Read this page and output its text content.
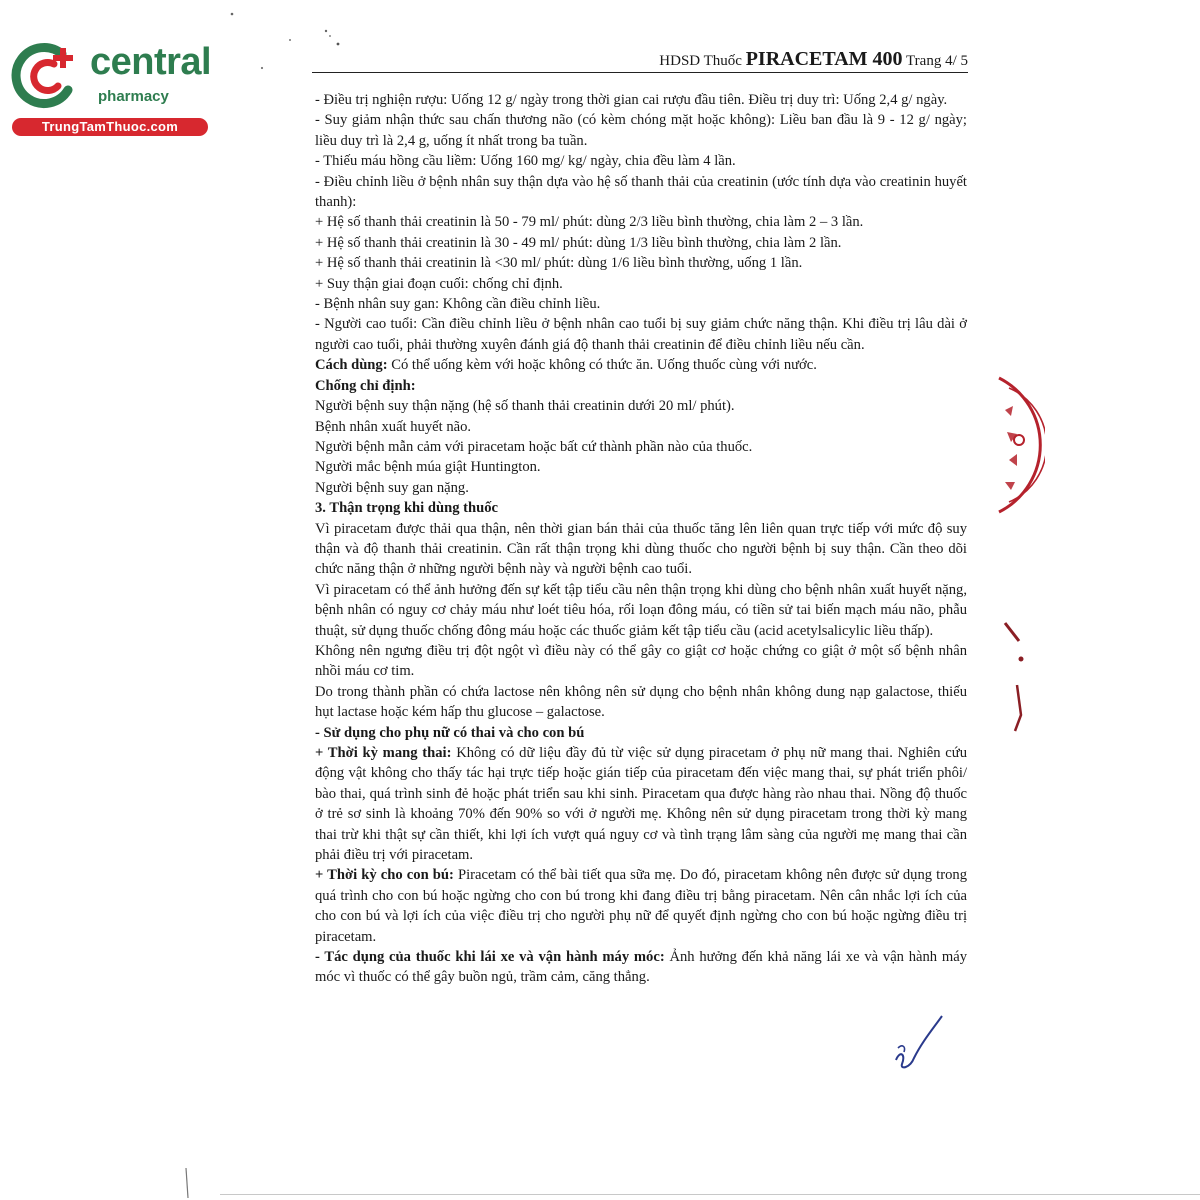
central
pharmacy
TrungTamThuoc.com
HDSD Thuốc PIRACETAM 400 Trang 4/ 5

- Điều trị nghiện rượu: Uống 12 g/ ngày trong thời gian cai rượu đầu tiên. Điều trị duy trì: Uống 2,4 g/ ngày.

- Suy giảm nhận thức sau chấn thương não (có kèm chóng mặt hoặc không): Liều ban đầu là 9 - 12 g/ ngày; liều duy trì là 2,4 g, uống ít nhất trong ba tuần.

- Thiếu máu hồng cầu liềm: Uống 160 mg/ kg/ ngày, chia đều làm 4 lần.

- Điều chỉnh liều ở bệnh nhân suy thận dựa vào hệ số thanh thải của creatinin (ước tính dựa vào creatinin huyết thanh):

+ Hệ số thanh thải creatinin là 50 - 79 ml/ phút: dùng 2/3 liều bình thường, chia làm 2 – 3 lần.

+ Hệ số thanh thải creatinin là 30 - 49 ml/ phút: dùng 1/3 liều bình thường, chia làm 2 lần.

+ Hệ số thanh thải creatinin là <30 ml/ phút: dùng 1/6 liều bình thường, uống 1 lần.

+ Suy thận giai đoạn cuối: chống chỉ định.

- Bệnh nhân suy gan: Không cần điều chỉnh liều.

- Người cao tuổi: Cần điều chỉnh liều ở bệnh nhân cao tuổi bị suy giảm chức năng thận. Khi điều trị lâu dài ở người cao tuổi, phải thường xuyên đánh giá độ thanh thải creatinin để điều chỉnh liều nếu cần.

Cách dùng: Có thể uống kèm với hoặc không có thức ăn. Uống thuốc cùng với nước.

Chống chỉ định:

Người bệnh suy thận nặng (hệ số thanh thải creatinin dưới 20 ml/ phút).

Bệnh nhân xuất huyết não.

Người bệnh mẫn cảm với piracetam hoặc bất cứ thành phần nào của thuốc.

Người mắc bệnh múa giật Huntington.

Người bệnh suy gan nặng.

3. Thận trọng khi dùng thuốc

Vì piracetam được thải qua thận, nên thời gian bán thải của thuốc tăng lên liên quan trực tiếp với mức độ suy thận và độ thanh thải creatinin. Cần rất thận trọng khi dùng thuốc cho người bệnh bị suy thận. Cần theo dõi chức năng thận ở những người bệnh này và người bệnh cao tuổi.

Vì piracetam có thể ảnh hưởng đến sự kết tập tiểu cầu nên thận trọng khi dùng cho bệnh nhân xuất huyết nặng, bệnh nhân có nguy cơ chảy máu như loét tiêu hóa, rối loạn đông máu, có tiền sử tai biến mạch máu não, phẫu thuật, sử dụng thuốc chống đông máu hoặc các thuốc giảm kết tập tiểu cầu (acid acetylsalicylic liều thấp).

Không nên ngưng điều trị đột ngột vì điều này có thể gây co giật cơ hoặc chứng co giật ở một số bệnh nhân nhồi máu cơ tim.

Do trong thành phần có chứa lactose nên không nên sử dụng cho bệnh nhân không dung nạp galactose, thiếu hụt lactase hoặc kém hấp thu glucose – galactose.

- Sử dụng cho phụ nữ có thai và cho con bú

+ Thời kỳ mang thai: Không có dữ liệu đầy đủ từ việc sử dụng piracetam ở phụ nữ mang thai. Nghiên cứu động vật không cho thấy tác hại trực tiếp hoặc gián tiếp của piracetam đến việc mang thai, sự phát triển phôi/ bào thai, quá trình sinh đẻ hoặc phát triển sau khi sinh. Piracetam qua được hàng rào nhau thai. Nồng độ thuốc ở trẻ sơ sinh là khoảng 70% đến 90% so với ở người mẹ. Không nên sử dụng piracetam trong thời kỳ mang thai trừ khi thật sự cần thiết, khi lợi ích vượt quá nguy cơ và tình trạng lâm sàng của người mẹ mang thai cần phải điều trị với piracetam.

+ Thời kỳ cho con bú: Piracetam có thể bài tiết qua sữa mẹ. Do đó, piracetam không nên được sử dụng trong quá trình cho con bú hoặc ngừng cho con bú trong khi đang điều trị bằng piracetam. Nên cân nhắc lợi ích của cho con bú và lợi ích của việc điều trị cho người phụ nữ để quyết định ngừng cho con bú hoặc ngừng điều trị piracetam.

- Tác dụng của thuốc khi lái xe và vận hành máy móc: Ảnh hưởng đến khả năng lái xe và vận hành máy móc vì thuốc có thể gây buồn ngủ, trầm cảm, căng thẳng.
